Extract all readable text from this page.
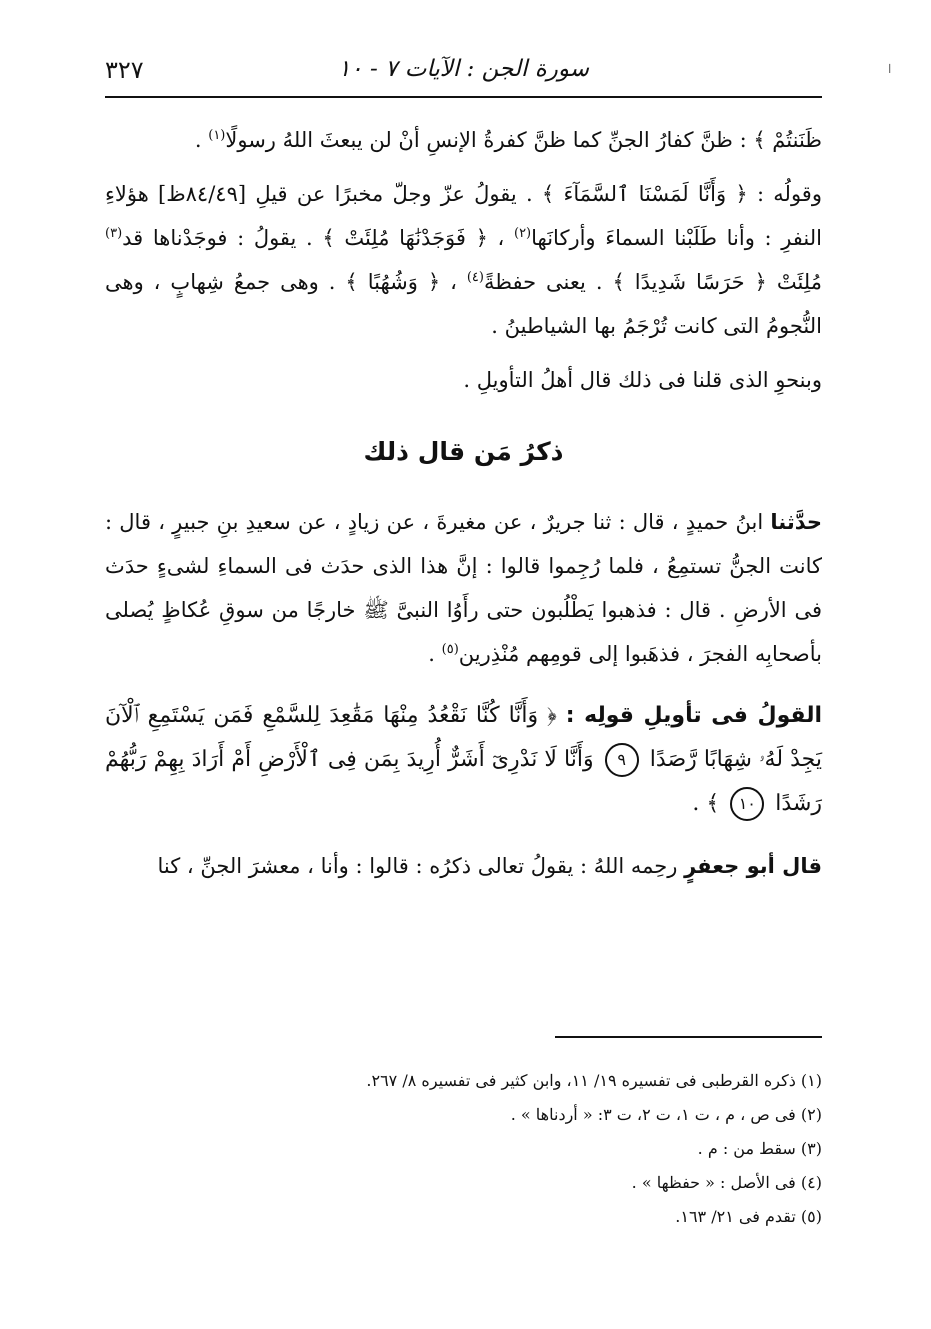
سورة الجن : الآيات ٧ - ١٠
٣٢٧	ا

ظَنَنتُمْ ﴾ : ظنَّ كفارُ الجنِّ كما ظنَّ كفرةُ الإنسِ أنْ لن يبعثَ اللهُ رسولًا$^{(١)}$ .

وقولُه : ﴿ وَأَنَّا لَمَسْنَا ٱلسَّمَآءَ ﴾ . يقولُ عزّ وجلّ مخبرًا عن قيلِ [٨٤/٤٩ظ] هؤلاءِ النفرِ : وأنا طَلَبْنا السماءَ وأركانَها$^{(٢)}$ ، ﴿ فَوَجَدْنَٰهَا مُلِئَتْ ﴾ . يقولُ : فوجَدْناها قد$^{(٣)}$ مُلِئَتْ ﴿ حَرَسًا شَدِيدًا ﴾ . يعنى حفظةً$^{(٤)}$ ، ﴿ وَشُهُبًا ﴾ . وهى جمعُ شِهابٍ ، وهى النُّجومُ التى كانت تُرْجَمُ بها الشياطينُ .

وبنحوِ الذى قلنا فى ذلك قال أهلُ التأويلِ .

ذكرُ مَن قال ذلك

حدَّثنا ابنُ حميدٍ ، قال : ثنا جريرٌ ، عن مغيرةَ ، عن زيادٍ ، عن سعيدِ بنِ جبيرٍ ، قال : كانت الجنُّ تستمِعُ ، فلما رُجِموا قالوا : إنَّ هذا الذى حدَث فى السماءِ لشىءٍ حدَث فى الأرضِ . قال : فذهبوا يَطْلُبون حتى رأَوُا النبىَّ ﷺ خارجًا من سوقِ عُكاظٍ يُصلى بأصحابِه الفجرَ ، فذهَبوا إلى قومِهم مُنْذِرين$^{(٥)}$ .

القولُ فى تأويلِ قولِه : ﴿ وَأَنَّا كُنَّا نَقْعُدُ مِنْهَا مَقَٰعِدَ لِلسَّمْعِ فَمَن يَسْتَمِعِ ٱلْآنَ يَجِدْ لَهُۥ شِهَابًا رَّصَدًا ٩ وَأَنَّا لَا نَدْرِىٓ أَشَرٌّ أُرِيدَ بِمَن فِى ٱلْأَرْضِ أَمْ أَرَادَ بِهِمْ رَبُّهُمْ رَشَدًا ١٠ ﴾ .

قال أبو جعفرٍ رحِمه اللهُ : يقولُ تعالى ذكرُه : قالوا : وأنا ، معشرَ الجنِّ ، كنا

(١) ذكره القرطبى فى تفسيره ١٩/ ١١، وابن كثير فى تفسيره ٨/ ٢٦٧.

(٢) فى ص ، م ، ت ١، ت ٢، ت ٣: « أردناها » .

(٣) سقط من : م .

(٤) فى الأصل : « حفظها » .

(٥) تقدم فى ٢١/ ١٦٣.
